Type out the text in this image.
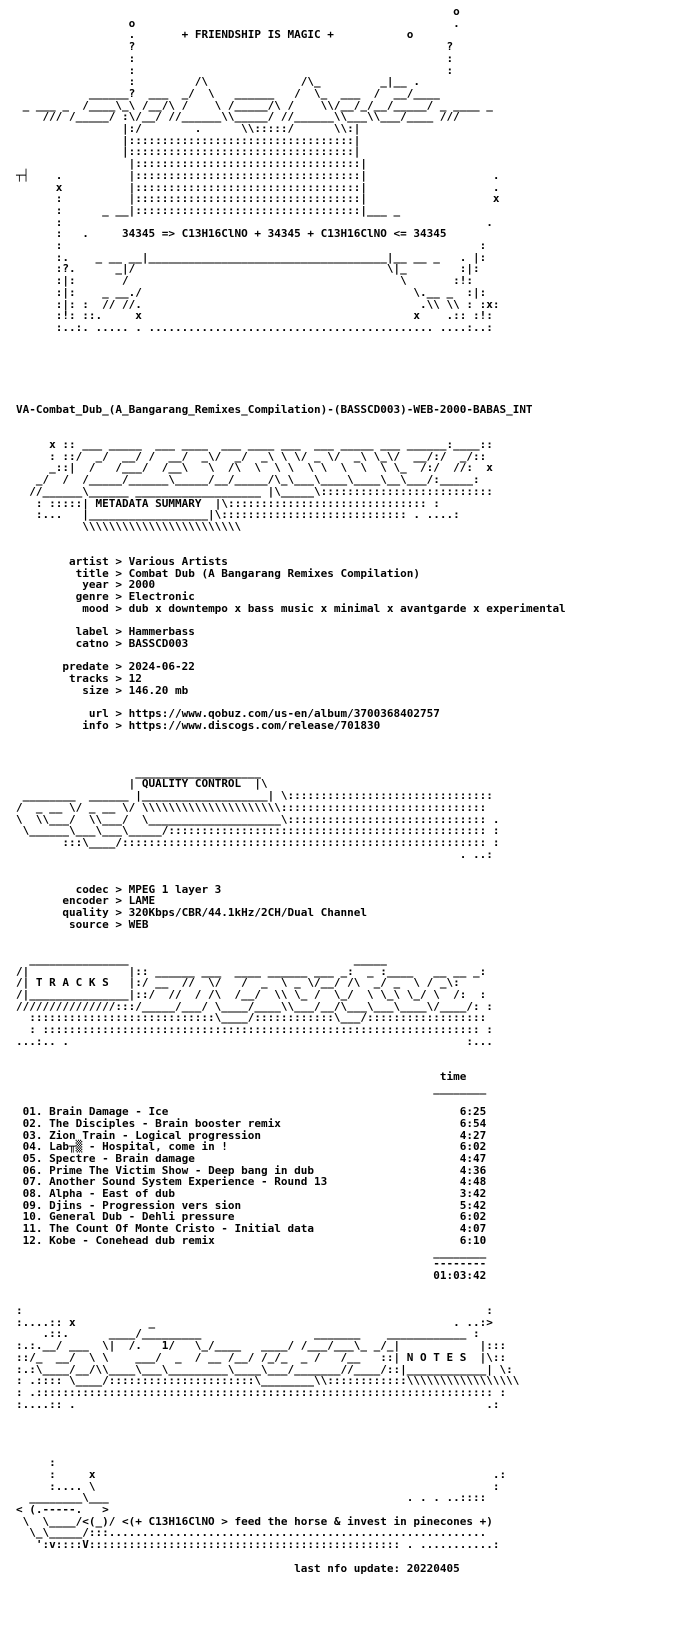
o
o                                                .
.       + FRIENDSHIP IS MAGIC +           o
?                                               ?
:                                               :
:                                               :
:         /\              /\_         _|__ .
______?  ___  _/  \   ______   /  \_  ___  /  __/____
_ ___ _  /____\_\ /__/\ /    \ /_____/\ /    \\/__/_/__/_____/ _ ____ _
/// /_____/ :\/__/ //______\\_____/ //______\\___\\___/____ ///
|:/        .      \\:::::/      \\:|
|::::::::::::::::::::::::::::::::::|
|::::::::::::::::::::::::::::::::::|
|::::::::::::::::::::::::::::::::::|
┬┤    .          |::::::::::::::::::::::::::::::::::|                   .
x          |::::::::::::::::::::::::::::::::::|                   .
:          |::::::::::::::::::::::::::::::::::|                   x
:      _ __|::::::::::::::::::::::::::::::::::|___ _
:                                                                .
:   .     34345 => C13H16ClNO + 34345 + C13H16ClNO <= 34345
:                                                               :
:.    _ __ __|____________________________________|__ __ _   . |:
:?.      _|/                                      \|_        :|:
:|:       /                                         \       :!:
:|:    _ __./                                         \.__ _  :|:
:|: :  // //.                                          .\\ \\ : :x:
:!: ::.     x                                         x    .:: :!:
:..:. ..... . ........................................... ....:..:

VA-Combat_Dub_(A_Bangarang_Remixes_Compilation)-(BASSCD003)-WEB-2000-BABAS_INT

x :: ___ _____  ___ ____  ___ ____ ___  ___ _____ ___ ______:____::
: ::/  _/  __/ /  __/  _\/  _/  _\ \ \/ _ \/  _\ \_\/  __/:/  _/::
_::|  /   /___/  /__\   \  /\  \  \ \  \ \  \  \  \ \_  /:/  //:  x
_/  /  /_____/______\_____/__/_____/\_\___\____\____\__\___/:_____:
//______\______ ___________________ |\_____\::::::::::::::::::::::::::
: :::::| METADATA SUMMARY  |\:::::::::::::::::::::::::::::: :
:...   |__________________|\:::::::::::::::::::::::::::: . ....:
\\\\\\\\\\\\\\\\\\\\\\\\

artist > Various Artists
title > Combat Dub (A Bangarang Remixes Compilation)
year > 2000
genre > Electronic
mood > dub x downtempo x bass music x minimal x avantgarde x experimental

label > Hammerbass
catno > BASSCD003

predate > 2024-06-22
tracks > 12
size > 146.20 mb

url > https://www.qobuz.com/us-en/album/3700368402757
info > https://www.discogs.com/release/701830

___________________
| QUALITY CONTROL  |\
________  ______ |___________________| \:::::::::::::::::::::::::::::::
/  _ __ \/ _ __ \/ \\\\\\\\\\\\\\\\\\\\\:::::::::::::::::::::::::::::::
\  \\___/  \\___/  \____________________\:::::::::::::::::::::::::::::: .
\______\___\___\_____/:::::::::::::::::::::::::::::::::::::::::::::::: :
:::\____/::::::::::::::::::::::::::::::::::::::::::::::::::::::: :
. ..:

codec > MPEG 1 layer 3
encoder > LAME
quality > 320Kbps/CBR/44.1kHz/2CH/Dual Channel
source > WEB

_______________                                  _____
/|               |:: ______ ___  ____ ______ ___ _:  _ :____   __ __ _:
/| T R A C K S   |:/ __  //  \/   /  _  \ _ \/__/ /\  _/ _  \ / _\:
/|_______________|::/  //  / /\  /__/  \\ \_ /  \_/  \ \_\ \_/ \  /:  :
///////////////:::/_____/___/ \____/____\\___/__/\___\___\____\/____/: :
::::::::::::::::::::::::::::\____/::::::::::::\___/::::::::::::::::::
: :::::::::::::::::::::::::::::::::::::::::::::::::::::::::::::::::: :
...:.. .                                                            :...

time
________

01. Brain Damage - Ice	6:25
02. The Disciples - Brain booster remix	6:54
03. Zion Train - Logical progression	4:27
04. Lab╥▒ - Hospital, come in !	6:02
05. Spectre - Brain damage	4:47
06. Prime The Victim Show - Deep bang in dub	4:36
07. Another Sound System Experience - Round 13	4:48
08. Alpha - East of dub	3:42
09. Djins - Progression vers sion	5:42
10. General Dub - Dehli pressure	6:02
11. The Count Of Monte Cristo - Initial data	4:07
12. Kobe - Conehead dub remix	6:10
________
--------
01:03:42

:                                                                      :
:....:: x           _                                             . ..:>
.::.      ____/_________                 _______    ____________ :
:.:.__/ ___  \|  /.   1/   \_/____   ____/ /___/___\_ _/_|            |:::
::/_  __/  \ \    ___/  _  / __ /__/ /_/_  _ /   /__   ::| N O T E S  |\::
:.:\____/__/\\____\___\_________\____\___/_______//____/::|____________| \:
: .:::: \____/::::::::::::::::::::::\________\\::::::::::::\\\\\\\\\\\\\\\\\
: .::::::::::::::::::::::::::::::::::::::::::::::::::::::::::::::::::::: :
:....:: .                                                              .:

:
:     x                                                            .:
:.... \                                                            :
________\___                                             . . . ..::::
< (.-----.   >
\  \____/<(_)/ <(+ C13H16ClNO > feed the horse & invest in pinecones +)
\_\_____/:::.........................................................
':v::::V::::::::::::::::::::::::::::::::::::::::::::::: . ...........:

last nfo update: 20220405
